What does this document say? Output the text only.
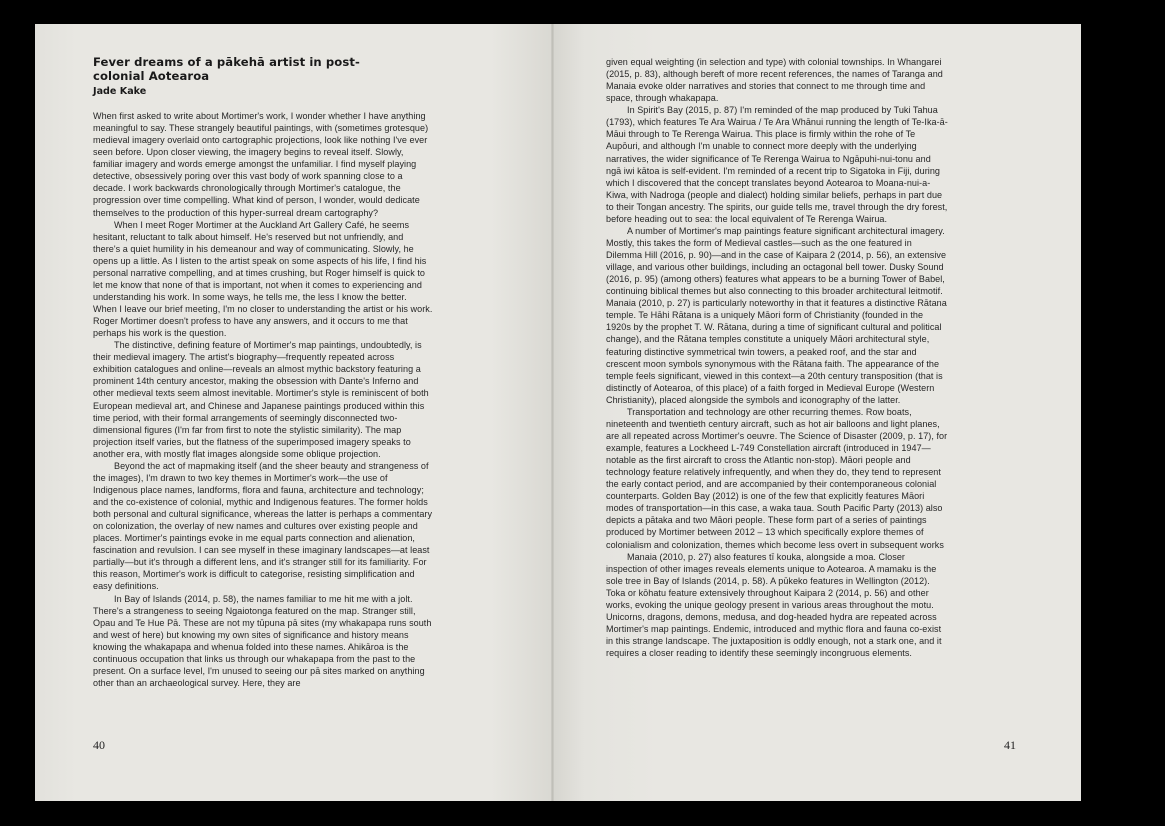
Fever dreams of a pākehā artist in post-colonial Aotearoa
Jade Kake

When first asked to write about Mortimer's work, I wonder whether I have anything meaningful to say. These strangely beautiful paintings, with (sometimes grotesque) medieval imagery overlaid onto cartographic projections, look like nothing I've ever seen before. Upon closer viewing, the imagery begins to reveal itself. Slowly, familiar imagery and words emerge amongst the unfamiliar. I find myself playing detective, obsessively poring over this vast body of work spanning close to a decade. I work backwards chronologically through Mortimer's catalogue, the progression over time compelling. What kind of person, I wonder, would dedicate themselves to the production of this hyper-surreal dream cartography?

When I meet Roger Mortimer at the Auckland Art Gallery Café, he seems hesitant, reluctant to talk about himself. He's reserved but not unfriendly, and there's a quiet humility in his demeanour and way of communicating. Slowly, he opens up a little. As I listen to the artist speak on some aspects of his life, I find his personal narrative compelling, and at times crushing, but Roger himself is quick to let me know that none of that is important, not when it comes to experiencing and understanding his work. In some ways, he tells me, the less I know the better. When I leave our brief meeting, I'm no closer to understanding the artist or his work. Roger Mortimer doesn't profess to have any answers, and it occurs to me that perhaps his work is the question.

The distinctive, defining feature of Mortimer's map paintings, undoubtedly, is their medieval imagery. The artist's biography—frequently repeated across exhibition catalogues and online—reveals an almost mythic backstory featuring a prominent 14th century ancestor, making the obsession with Dante's Inferno and other medieval texts seem almost inevitable. Mortimer's style is reminiscent of both European medieval art, and Chinese and Japanese paintings produced within this time period, with their formal arrangements of seemingly disconnected two-dimensional figures (I'm far from first to note the stylistic similarity). The map projection itself varies, but the flatness of the superimposed imagery speaks to another era, with mostly flat images alongside some oblique projection.

Beyond the act of mapmaking itself (and the sheer beauty and strangeness of the images), I'm drawn to two key themes in Mortimer's work—the use of Indigenous place names, landforms, flora and fauna, architecture and technology; and the co-existence of colonial, mythic and Indigenous features. The former holds both personal and cultural significance, whereas the latter is perhaps a commentary on colonization, the overlay of new names and cultures over existing people and places. Mortimer's paintings evoke in me equal parts connection and alienation, fascination and revulsion. I can see myself in these imaginary landscapes—at least partially—but it's through a different lens, and it's stranger still for its familiarity. For this reason, Mortimer's work is difficult to categorise, resisting simplification and easy definitions.

In Bay of Islands (2014, p. 58), the names familiar to me hit me with a jolt. There's a strangeness to seeing Ngaiotonga featured on the map. Stranger still, Opau and Te Hue Pā. These are not my tūpuna pā sites (my whakapapa runs south and west of here) but knowing my own sites of significance and history means knowing the whakapapa and whenua folded into these names. Ahikāroa is the continuous occupation that links us through our whakapapa from the past to the present. On a surface level, I'm unused to seeing our pā sites marked on anything other than an archaeological survey. Here, they are

40

given equal weighting (in selection and type) with colonial townships. In Whangarei (2015, p. 83), although bereft of more recent references, the names of Taranga and Manaia evoke older narratives and stories that connect to me through time and space, through whakapapa.

In Spirit's Bay (2015, p. 87) I'm reminded of the map produced by Tuki Tahua (1793), which features Te Ara Wairua / Te Ara Whānui running the length of Te-Ika-ā-Māui through to Te Rerenga Wairua. This place is firmly within the rohe of Te Aupōuri, and although I'm unable to connect more deeply with the underlying narratives, the wider significance of Te Rerenga Wairua to Ngāpuhi-nui-tonu and ngā iwi kātoa is self-evident. I'm reminded of a recent trip to Sigatoka in Fiji, during which I discovered that the concept translates beyond Aotearoa to Moana-nui-a-Kiwa, with Nadroga (people and dialect) holding similar beliefs, perhaps in part due to their Tongan ancestry. The spirits, our guide tells me, travel through the dry forest, before heading out to sea: the local equivalent of Te Rerenga Wairua.

A number of Mortimer's map paintings feature significant architectural imagery. Mostly, this takes the form of Medieval castles—such as the one featured in Dilemma Hill (2016, p. 90)—and in the case of Kaipara 2 (2014, p. 56), an extensive village, and various other buildings, including an octagonal bell tower. Dusky Sound (2016, p. 95) (among others) features what appears to be a burning Tower of Babel, continuing biblical themes but also connecting to this broader architectural leitmotif. Manaia (2010, p. 27) is particularly noteworthy in that it features a distinctive Rātana temple. Te Hāhi Rātana is a uniquely Māori form of Christianity (founded in the 1920s by the prophet T. W. Rātana, during a time of significant cultural and political change), and the Rātana temples constitute a uniquely Māori architectural style, featuring distinctive symmetrical twin towers, a peaked roof, and the star and crescent moon symbols synonymous with the Rātana faith. The appearance of the temple feels significant, viewed in this context—a 20th century transposition (that is distinctly of Aotearoa, of this place) of a faith forged in Medieval Europe (Western Christianity), placed alongside the symbols and iconography of the latter.

Transportation and technology are other recurring themes. Row boats, nineteenth and twentieth century aircraft, such as hot air balloons and light planes, are all repeated across Mortimer's oeuvre. The Science of Disaster (2009, p. 17), for example, features a Lockheed L-749 Constellation aircraft (introduced in 1947—notable as the first aircraft to cross the Atlantic non-stop). Māori people and technology feature relatively infrequently, and when they do, they tend to represent the early contact period, and are accompanied by their contemporaneous colonial counterparts. Golden Bay (2012) is one of the few that explicitly features Māori modes of transportation—in this case, a waka taua. South Pacific Party (2013) also depicts a pātaka and two Māori people. These form part of a series of paintings produced by Mortimer between 2012 – 13 which specifically explore themes of colonialism and colonization, themes which become less overt in subsequent works

Manaia (2010, p. 27) also features tī kouka, alongside a moa. Closer inspection of other images reveals elements unique to Aotearoa. A mamaku is the sole tree in Bay of Islands (2014, p. 58). A pūkeko features in Wellington (2012). Toka or kōhatu feature extensively throughout Kaipara 2 (2014, p. 56) and other works, evoking the unique geology present in various areas throughout the motu. Unicorns, dragons, demons, medusa, and dog-headed hydra are repeated across Mortimer's map paintings. Endemic, introduced and mythic flora and fauna co-exist in this strange landscape. The juxtaposition is oddly enough, not a stark one, and it requires a closer reading to identify these seemingly incongruous elements.

41
